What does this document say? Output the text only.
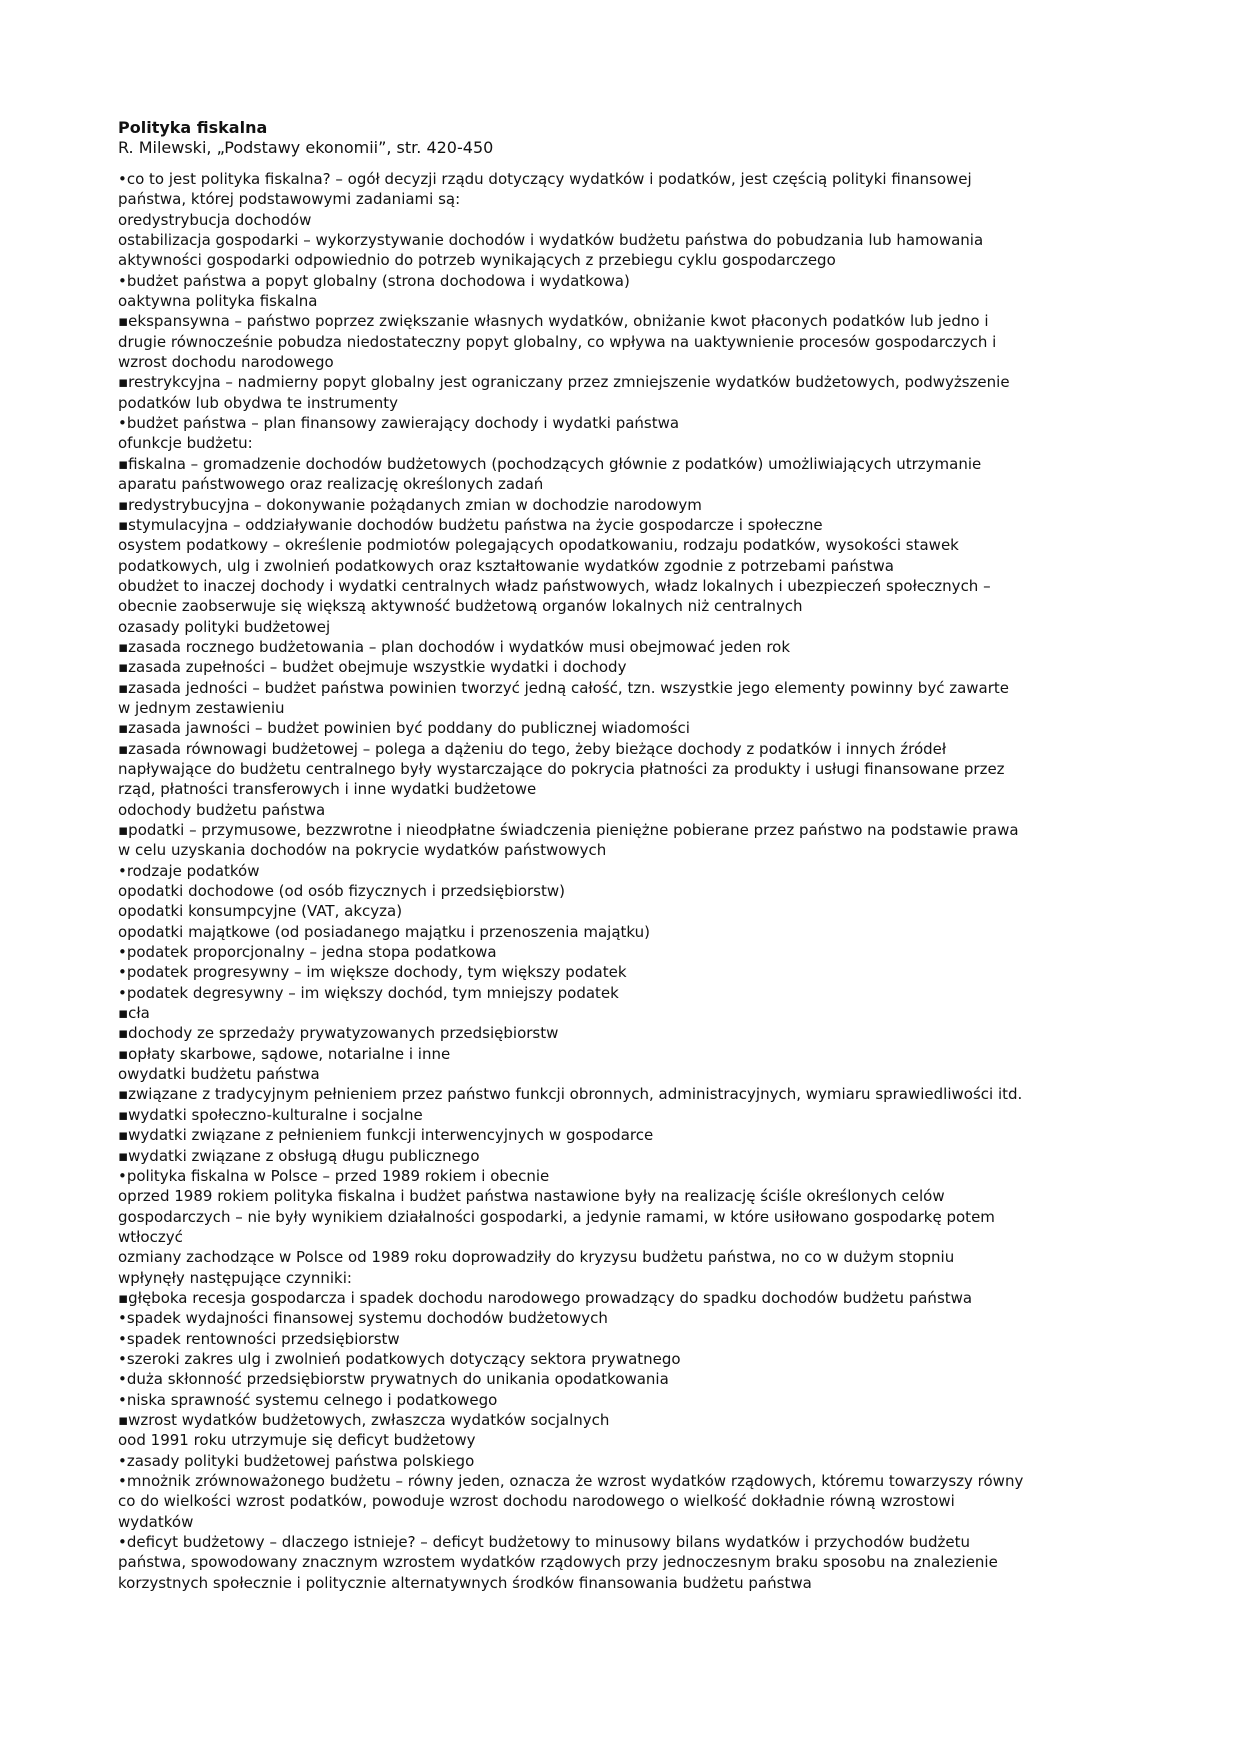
Polityka fiskalna

R. Milewski, „Podstawy ekonomii”, str. 420-450

•co to jest polityka fiskalna? – ogół decyzji rządu dotyczący wydatków i podatków, jest częścią polityki finansowej

państwa, której podstawowymi zadaniami są:

oredystrybucja dochodów

ostabilizacja gospodarki – wykorzystywanie dochodów i wydatków budżetu państwa do pobudzania lub hamowania

aktywności gospodarki odpowiednio do potrzeb wynikających z przebiegu cyklu gospodarczego

•budżet państwa a popyt globalny (strona dochodowa i wydatkowa)

oaktywna polityka fiskalna

▪ekspansywna – państwo poprzez zwiększanie własnych wydatków, obniżanie kwot płaconych podatków lub jedno i

drugie równocześnie pobudza niedostateczny popyt globalny, co wpływa na uaktywnienie procesów gospodarczych i

wzrost dochodu narodowego

▪restrykcyjna – nadmierny popyt globalny jest ograniczany przez zmniejszenie wydatków budżetowych, podwyższenie

podatków lub obydwa te instrumenty

•budżet państwa – plan finansowy zawierający dochody i wydatki państwa

ofunkcje budżetu:

▪fiskalna – gromadzenie dochodów budżetowych (pochodzących głównie z podatków) umożliwiających utrzymanie

aparatu państwowego oraz realizację określonych zadań

▪redystrybucyjna – dokonywanie pożądanych zmian w dochodzie narodowym

▪stymulacyjna – oddziaływanie dochodów budżetu państwa na życie gospodarcze i społeczne

osystem podatkowy – określenie podmiotów polegających opodatkowaniu, rodzaju podatków, wysokości stawek

podatkowych, ulg i zwolnień podatkowych oraz kształtowanie wydatków zgodnie z potrzebami państwa

obudżet to inaczej dochody i wydatki centralnych władz państwowych, władz lokalnych i ubezpieczeń społecznych –

obecnie zaobserwuje się większą aktywność budżetową organów lokalnych niż centralnych

ozasady polityki budżetowej

▪zasada rocznego budżetowania – plan dochodów i wydatków musi obejmować jeden rok

▪zasada zupełności – budżet obejmuje wszystkie wydatki i dochody

▪zasada jedności – budżet państwa powinien tworzyć jedną całość, tzn. wszystkie jego elementy powinny być zawarte

w jednym zestawieniu

▪zasada jawności – budżet powinien być poddany do publicznej wiadomości

▪zasada równowagi budżetowej – polega a dążeniu do tego, żeby bieżące dochody z podatków i innych źródeł

napływające do budżetu centralnego były wystarczające do pokrycia płatności za produkty i usługi finansowane przez

rząd, płatności transferowych i inne wydatki budżetowe

odochody budżetu państwa

▪podatki – przymusowe, bezzwrotne i nieodpłatne świadczenia pieniężne pobierane przez państwo na podstawie prawa

w celu uzyskania dochodów na pokrycie wydatków państwowych

•rodzaje podatków

opodatki dochodowe (od osób fizycznych i przedsiębiorstw)

opodatki konsumpcyjne (VAT, akcyza)

opodatki majątkowe (od posiadanego majątku i przenoszenia majątku)

•podatek proporcjonalny – jedna stopa podatkowa

•podatek progresywny – im większe dochody, tym większy podatek

•podatek degresywny – im większy dochód, tym mniejszy podatek

▪cła

▪dochody ze sprzedaży prywatyzowanych przedsiębiorstw

▪opłaty skarbowe, sądowe, notarialne i inne

owydatki budżetu państwa

▪związane z tradycyjnym pełnieniem przez państwo funkcji obronnych, administracyjnych, wymiaru sprawiedliwości itd.

▪wydatki społeczno-kulturalne i socjalne

▪wydatki związane z pełnieniem funkcji interwencyjnych w gospodarce

▪wydatki związane z obsługą długu publicznego

•polityka fiskalna w Polsce – przed 1989 rokiem i obecnie

oprzed 1989 rokiem polityka fiskalna i budżet państwa nastawione były na realizację ściśle określonych celów

gospodarczych – nie były wynikiem działalności gospodarki, a jedynie ramami, w które usiłowano gospodarkę potem

wtłoczyć

ozmiany zachodzące w Polsce od 1989 roku doprowadziły do kryzysu budżetu państwa, no co w dużym stopniu

wpłynęły następujące czynniki:

▪głęboka recesja gospodarcza i spadek dochodu narodowego prowadzący do spadku dochodów budżetu państwa

•spadek wydajności finansowej systemu dochodów budżetowych

•spadek rentowności przedsiębiorstw

•szeroki zakres ulg i zwolnień podatkowych dotyczący sektora prywatnego

•duża skłonność przedsiębiorstw prywatnych do unikania opodatkowania

•niska sprawność systemu celnego i podatkowego

▪wzrost wydatków budżetowych, zwłaszcza wydatków socjalnych

ood 1991 roku utrzymuje się deficyt budżetowy

•zasady polityki budżetowej państwa polskiego

•mnożnik zrównoważonego budżetu – równy jeden, oznacza że wzrost wydatków rządowych, któremu towarzyszy równy

co do wielkości wzrost podatków, powoduje wzrost dochodu narodowego o wielkość dokładnie równą wzrostowi

wydatków

•deficyt budżetowy – dlaczego istnieje? – deficyt budżetowy to minusowy bilans wydatków i przychodów budżetu

państwa, spowodowany znacznym wzrostem wydatków rządowych przy jednoczesnym braku sposobu na znalezienie

korzystnych społecznie i politycznie alternatywnych środków finansowania budżetu państwa
